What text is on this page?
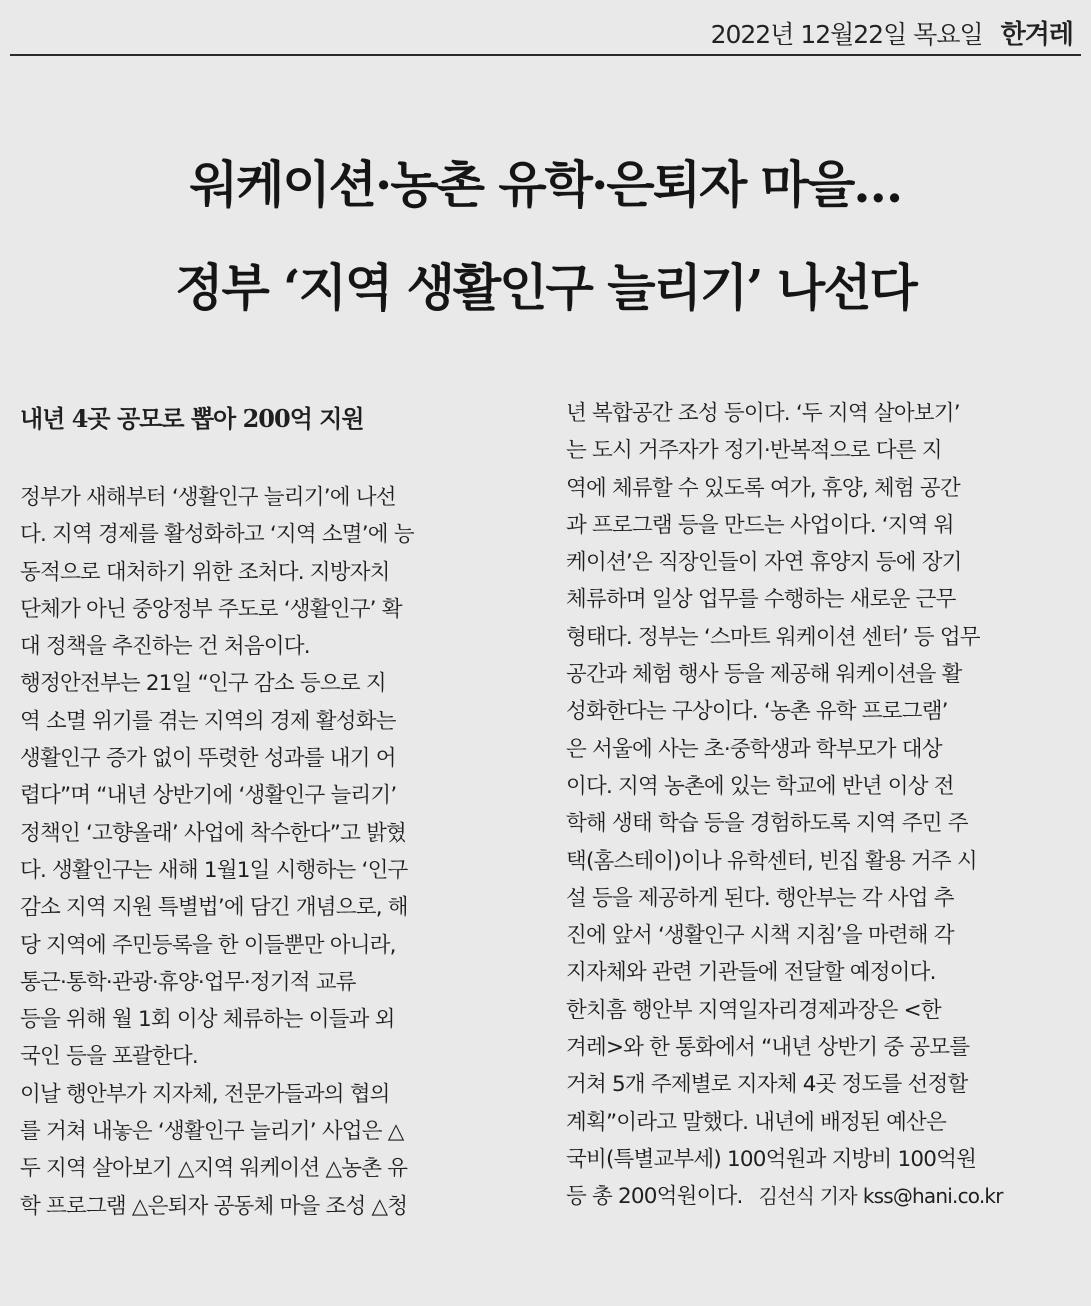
2022년 12월22일 목요일 한겨레
워케이션·농촌 유학·은퇴자 마을…
정부 ‘지역 생활인구 늘리기’ 나선다
내년 4곳 공모로 뽑아 200억 지원
정부가 새해부터 ‘생활인구 늘리기’에 나선
다. 지역 경제를 활성화하고 ‘지역 소멸’에 능
동적으로 대처하기 위한 조처다. 지방자치
단체가 아닌 중앙정부 주도로 ‘생활인구’ 확
대 정책을 추진하는 건 처음이다.
행정안전부는 21일 “인구 감소 등으로 지
역 소멸 위기를 겪는 지역의 경제 활성화는
생활인구 증가 없이 뚜렷한 성과를 내기 어
렵다”며 “내년 상반기에 ‘생활인구 늘리기’
정책인 ‘고향올래’ 사업에 착수한다”고 밝혔
다. 생활인구는 새해 1월1일 시행하는 ‘인구
감소 지역 지원 특별법’에 담긴 개념으로, 해
당 지역에 주민등록을 한 이들뿐만 아니라,
통근·통학·관광·휴양·업무·정기적 교류
등을 위해 월 1회 이상 체류하는 이들과 외
국인 등을 포괄한다.
이날 행안부가 지자체, 전문가들과의 협의
를 거쳐 내놓은 ‘생활인구 늘리기’ 사업은 △
두 지역 살아보기 △지역 워케이션 △농촌 유
학 프로그램 △은퇴자 공동체 마을 조성 △청
년 복합공간 조성 등이다. ‘두 지역 살아보기’
는 도시 거주자가 정기·반복적으로 다른 지
역에 체류할 수 있도록 여가, 휴양, 체험 공간
과 프로그램 등을 만드는 사업이다. ‘지역 워
케이션’은 직장인들이 자연 휴양지 등에 장기
체류하며 일상 업무를 수행하는 새로운 근무
형태다. 정부는 ‘스마트 워케이션 센터’ 등 업무
공간과 체험 행사 등을 제공해 워케이션을 활
성화한다는 구상이다. ‘농촌 유학 프로그램’
은 서울에 사는 초·중학생과 학부모가 대상
이다. 지역 농촌에 있는 학교에 반년 이상 전
학해 생태 학습 등을 경험하도록 지역 주민 주
택(홈스테이)이나 유학센터, 빈집 활용 거주 시
설 등을 제공하게 된다. 행안부는 각 사업 추
진에 앞서 ‘생활인구 시책 지침’을 마련해 각
지자체와 관련 기관들에 전달할 예정이다.
한치흠 행안부 지역일자리경제과장은 <한
겨레>와 한 통화에서 “내년 상반기 중 공모를
거쳐 5개 주제별로 지자체 4곳 정도를 선정할
계획”이라고 말했다. 내년에 배정된 예산은
국비(특별교부세) 100억원과 지방비 100억원
등 총 200억원이다. 김선식 기자 kss@hani.co.kr
